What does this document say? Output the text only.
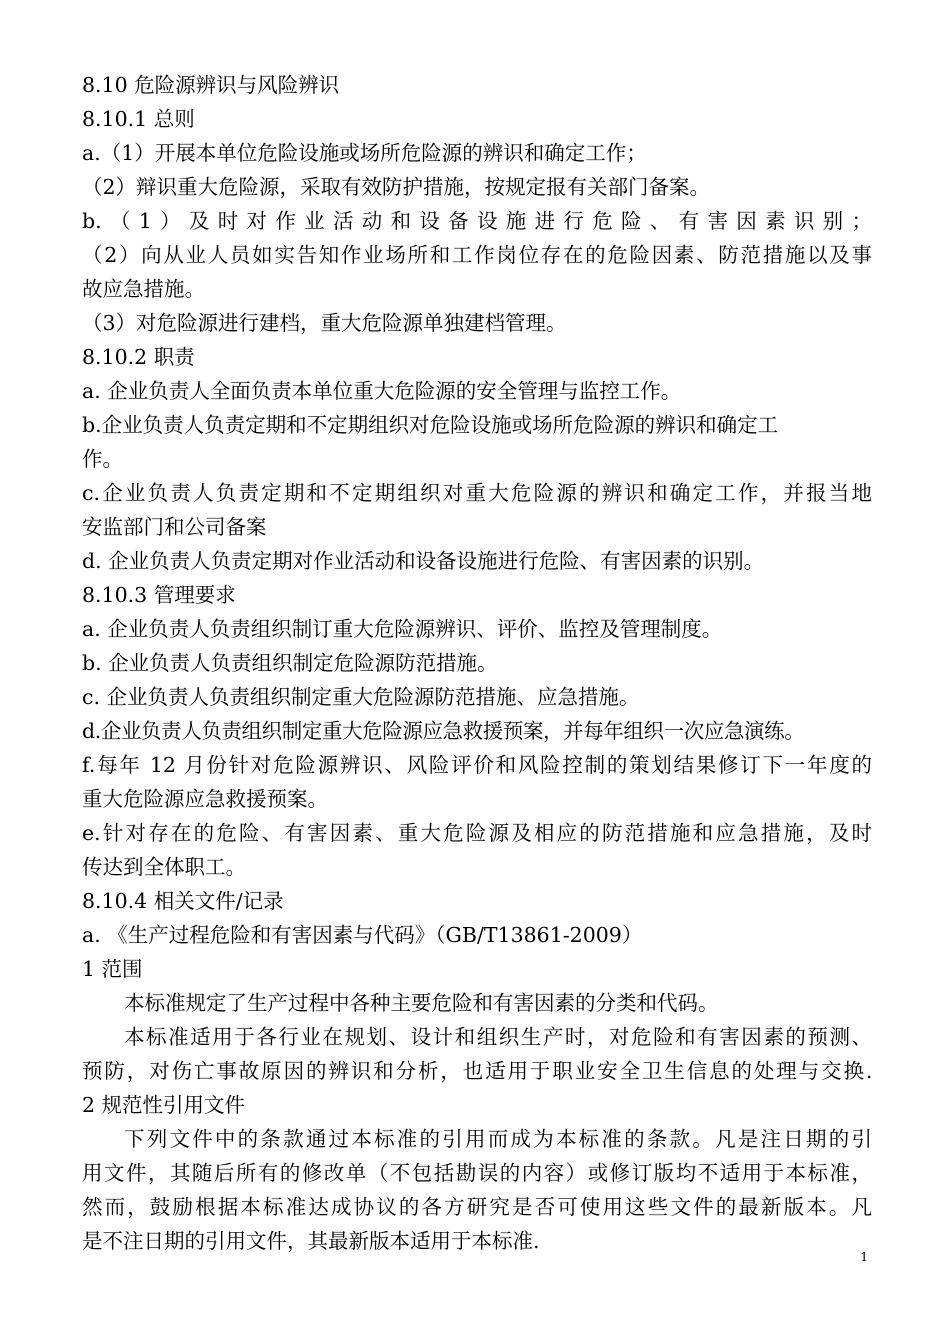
8.10 危险源辨识与风险辨识
8.10.1 总则
a.（1）开展本单位危险设施或场所危险源的辨识和确定工作；
（2）辩识重大危险源，采取有效防护措施，按规定报有关部门备案。
b.（1）及时对作业活动和设备设施进行危险、有害因素识别；
（2）向从业人员如实告知作业场所和工作岗位存在的危险因素、防范措施以及事
故应急措施。
（3）对危险源进行建档，重大危险源单独建档管理。
8.10.2 职责
a. 企业负责人全面负责本单位重大危险源的安全管理与监控工作。
b.企业负责人负责定期和不定期组织对危险设施或场所危险源的辨识和确定工
作。
c.企业负责人负责定期和不定期组织对重大危险源的辨识和确定工作，并报当地
安监部门和公司备案
d. 企业负责人负责定期对作业活动和设备设施进行危险、有害因素的识别。
8.10.3 管理要求
a. 企业负责人负责组织制订重大危险源辨识、评价、监控及管理制度。
b. 企业负责人负责组织制定危险源防范措施。
c. 企业负责人负责组织制定重大危险源防范措施、应急措施。
d.企业负责人负责组织制定重大危险源应急救援预案，并每年组织一次应急演练。
f.每年 12 月份针对危险源辨识、风险评价和风险控制的策划结果修订下一年度的
重大危险源应急救援预案。
e.针对存在的危险、有害因素、重大危险源及相应的防范措施和应急措施，及时
传达到全体职工。
8.10.4 相关文件/记录
a. 《生产过程危险和有害因素与代码》（GB/T13861-2009）
1 范围
本标准规定了生产过程中各种主要危险和有害因素的分类和代码。
本标准适用于各行业在规划、设计和组织生产时，对危险和有害因素的预测、
预防，对伤亡事故原因的辨识和分析，也适用于职业安全卫生信息的处理与交换.
2 规范性引用文件
下列文件中的条款通过本标准的引用而成为本标准的条款。凡是注日期的引
用文件，其随后所有的修改单（不包括勘误的内容）或修订版均不适用于本标准，
然而，鼓励根据本标准达成协议的各方研究是否可使用这些文件的最新版本。凡
是不注日期的引用文件，其最新版本适用于本标准.
1
